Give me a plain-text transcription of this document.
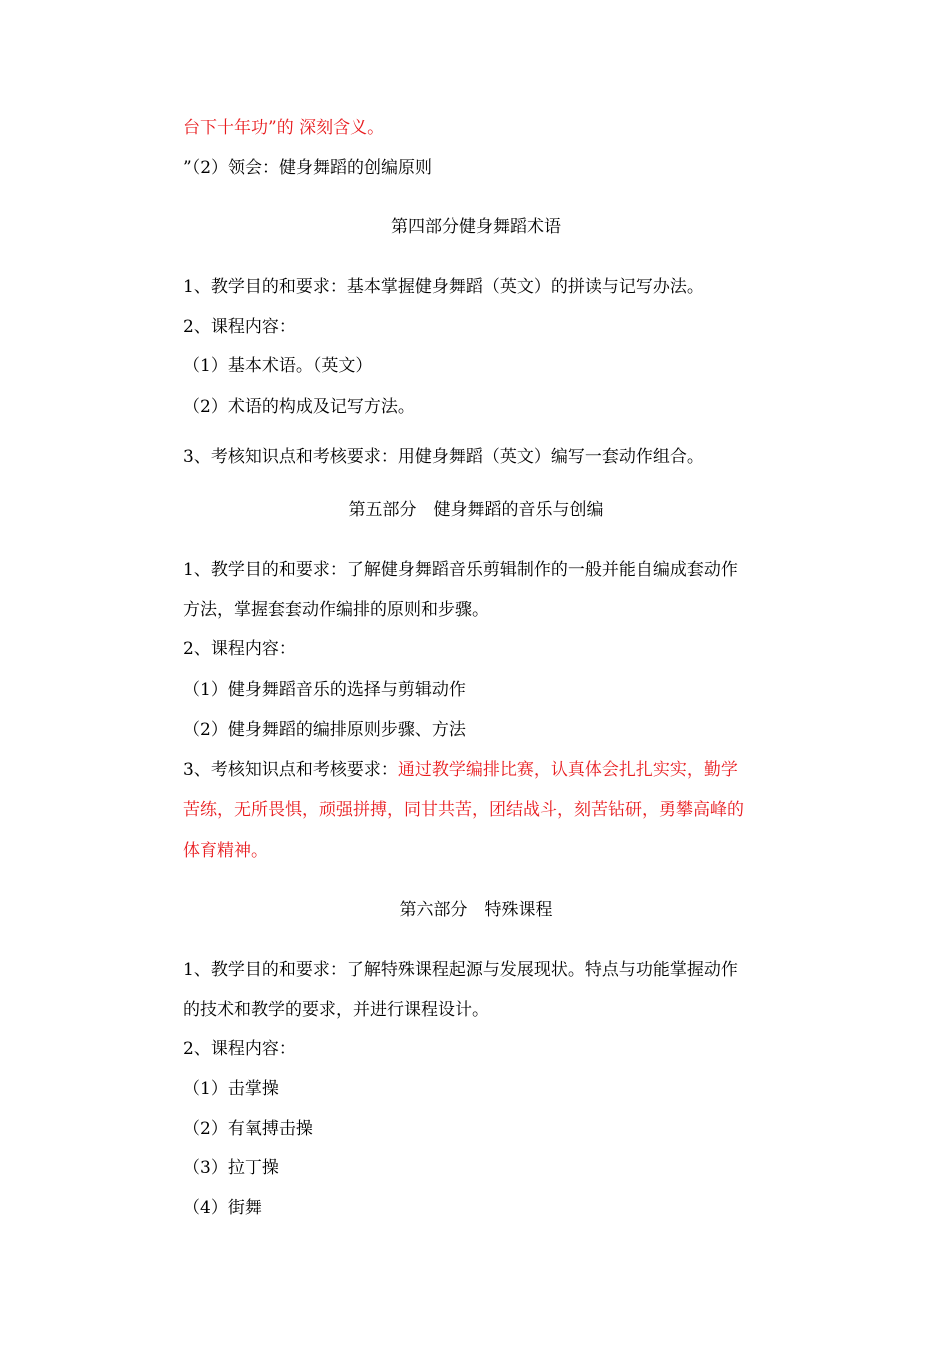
台下十年功”的 深刻含义。
”（2）领会：健身舞蹈的创编原则
第四部分健身舞蹈术语
1、教学目的和要求：基本掌握健身舞蹈（英文）的拼读与记写办法。
2、课程内容：
（1）基本术语。（英文）
（2）术语的构成及记写方法。
3、考核知识点和考核要求：用健身舞蹈（英文）编写一套动作组合。
第五部分　健身舞蹈的音乐与创编
1、教学目的和要求：了解健身舞蹈音乐剪辑制作的一般并能自编成套动作
方法，掌握套套动作编排的原则和步骤。
2、课程内容：
（1）健身舞蹈音乐的选择与剪辑动作
（2）健身舞蹈的编排原则步骤、方法
3、考核知识点和考核要求：通过教学编排比赛，认真体会扎扎实实，勤学
苦练，无所畏惧，顽强拼搏，同甘共苦，团结战斗，刻苦钻研，勇攀高峰的
体育精神。
第六部分　特殊课程
1、教学目的和要求：了解特殊课程起源与发展现状。特点与功能掌握动作
的技术和教学的要求，并进行课程设计。
2、课程内容：
（1）击掌操
（2）有氧搏击操
（3）拉丁操
（4）街舞
